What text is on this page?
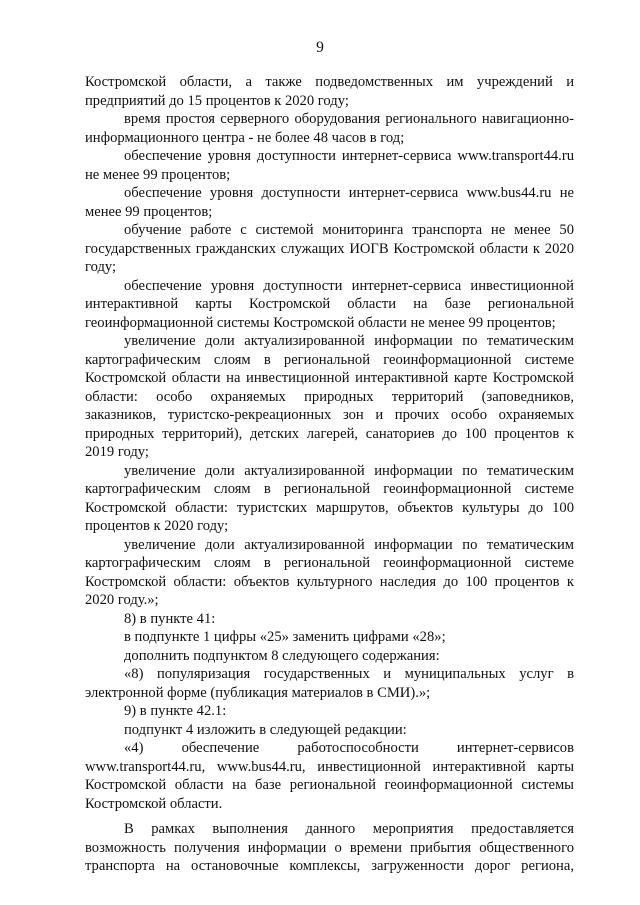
9

Костромской области, а также подведомственных им учреждений и предприятий до 15 процентов к 2020 году;

время простоя серверного оборудования регионального навигационно-информационного центра - не более 48 часов в год;

обеспечение уровня доступности интернет-сервиса www.transport44.ru не менее 99 процентов;

обеспечение уровня доступности интернет-сервиса www.bus44.ru не менее 99 процентов;

обучение работе с системой мониторинга транспорта не менее 50 государственных гражданских служащих ИОГВ Костромской области к 2020 году;

обеспечение уровня доступности интернет-сервиса инвестиционной интерактивной карты Костромской области на базе региональной геоинформационной системы Костромской области не менее 99 процентов;

увеличение доли актуализированной информации по тематическим картографическим слоям в региональной геоинформационной системе Костромской области на инвестиционной интерактивной карте Костромской области: особо охраняемых природных территорий (заповедников, заказников, туристско-рекреационных зон и прочих особо охраняемых природных территорий), детских лагерей, санаториев до 100 процентов к 2019 году;

увеличение доли актуализированной информации по тематическим картографическим слоям в региональной геоинформационной системе Костромской области: туристских маршрутов, объектов культуры до 100 процентов к 2020 году;

увеличение доли актуализированной информации по тематическим картографическим слоям в региональной геоинформационной системе Костромской области: объектов культурного наследия до 100 процентов к 2020 году.»;

8) в пункте 41:

в подпункте 1 цифры «25» заменить цифрами «28»;

дополнить подпунктом 8 следующего содержания:

«8) популяризация государственных и муниципальных услуг в электронной форме (публикация материалов в СМИ).»;

9) в пункте 42.1:

подпункт 4 изложить в следующей редакции:

«4) обеспечение работоспособности интернет-сервисов www.transport44.ru, www.bus44.ru, инвестиционной интерактивной карты Костромской области на базе региональной геоинформационной системы Костромской области.

В рамках выполнения данного мероприятия предоставляется возможность получения информации о времени прибытия общественного транспорта на остановочные комплексы, загруженности дорог региона,
